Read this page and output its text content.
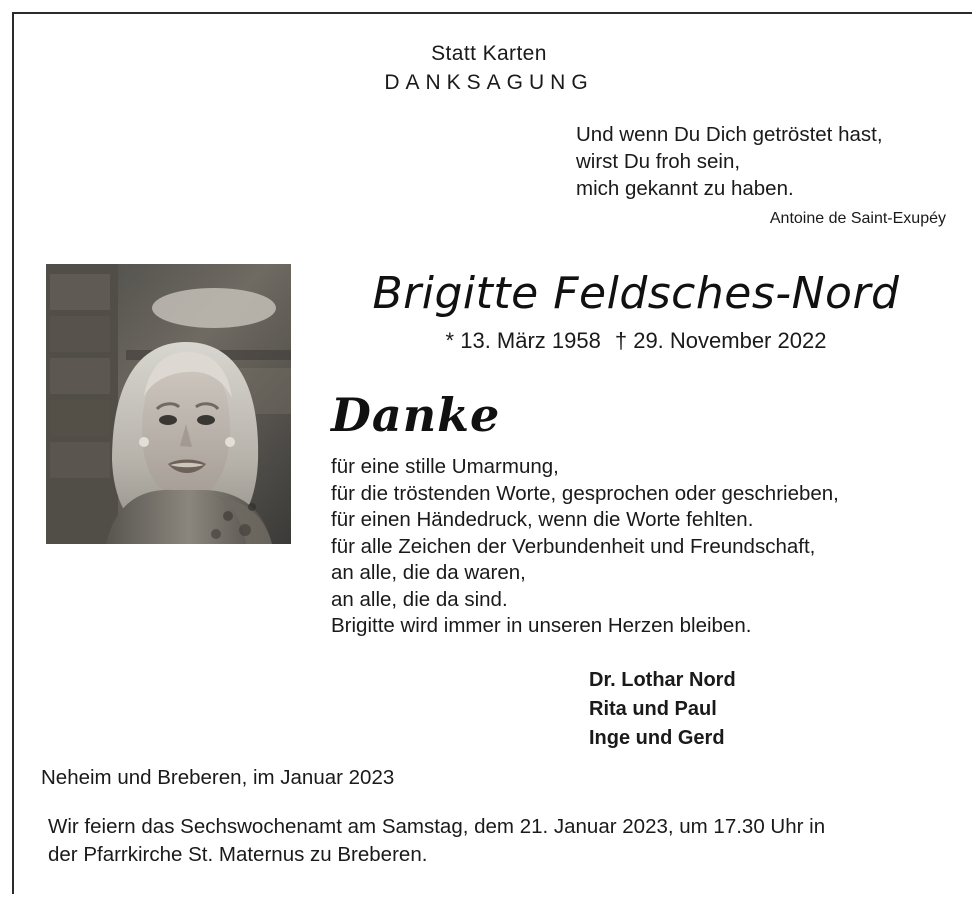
Statt Karten
DANKSAGUNG
Und wenn Du Dich getröstet hast,
wirst Du froh sein,
mich gekannt zu haben.
Antoine de Saint-Exupéy
Brigitte Feldsches-Nord
* 13. März 1958 † 29. November 2022
Danke
für eine stille Umarmung,
für die tröstenden Worte, gesprochen oder geschrieben,
für einen Händedruck, wenn die Worte fehlten.
für alle Zeichen der Verbundenheit und Freundschaft,
an alle, die da waren,
an alle, die da sind.
Brigitte wird immer in unseren Herzen bleiben.
Dr. Lothar Nord
Rita und Paul
Inge und Gerd
Neheim und Breberen, im Januar 2023
Wir feiern das Sechswochenamt am Samstag, dem 21. Januar 2023, um 17.30 Uhr in
der Pfarrkirche St. Maternus zu Breberen.
